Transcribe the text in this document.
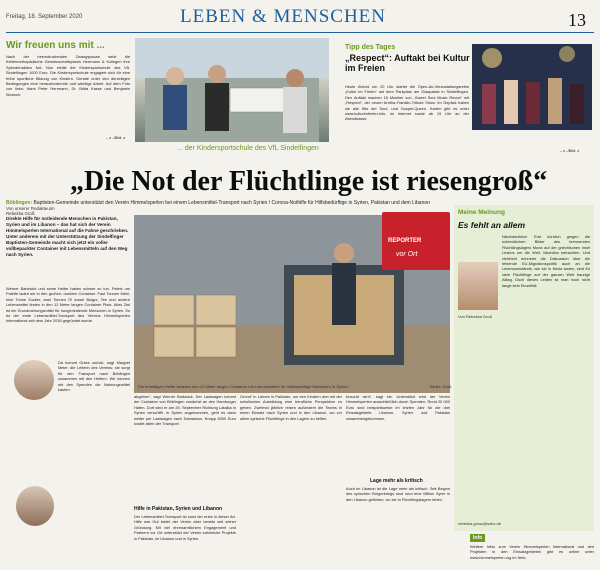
Freitag, 18. September 2020	LEBEN & MENSCHEN	13
Wir freuen uns mit ...
Nach der beeindruckenden Zwangspause setzt die Kiefernorthopädische Gemeinschaftspraxis Herrmann & Kollegen ihre Spendenaktion fort. Nun erhält der Kindersportschule des VfL Sindelfingen 1000 Euro. Die Kindersportschule engagiert sich für eine frühe sportliche Bildung von Kindern. Gerade unter den derzeitigen Bedingungen eine herausfordernde und wichtige Arbeit. Auf dem Foto von links: Hans Peter Herrmann, Dr. Britta Kasse und Benjamin Wunsch.
– z -/Bild: z
... der Kindersportschule des VfL Sindelfingen
Tipp des Tages
„Respect“: Auftakt bei Kultur im Freien
Heute Abend um 20 Uhr startet die Open-Air-Veranstaltungsreihe „Kultur im Freien“ auf dem Parkplatz am Glaspalast in Sindelfingen. Den Auftakt machen 15 Musiker von „Sweet Soul Music Revue“ mit „Respect“, der neuen Aretha-Franklin-Tribute Show. Im Gepäck haben sie alle Hits der Soul- und Gospel-Queen. Karten gibt es unter www.kulturimfreien.info. im Internet sowie ab 19 Uhr an der Abendkasse.
– z -/Bild: z
„Die Not der Flüchtlinge ist riesengroß“
Böblingen: Baptisten-Gemeinde unterstützt den Verein Himmelsperlen bei einem Lebensmittel-Transport nach Syrien / Corona-Nothilfe für Hilfsbedürftige in Syrien, Pakistan und dem Libanon
Von unserer Redakteurin Rebekka Groß
Direkte Hilfe für notleidende Menschen in Pakistan, Syrien und im Libanon – das hat sich der Verein Himmelsperlen International auf die Fahne geschrieben. Unter anderem mit der Unterstützung der Sindelfinger Baptisten-Gemeinde macht sich jetzt ein voller vollbepackter Container mit Lebensmitteln auf den Weg nach Syrien.
Werner Bartzsick und seine Helfer haben schwer zu tun. Paletz um Palette laden sie in den großen, dunklen Container. Fast Tonnen Mehl, eine Tonne Zucker, zwei Tonnen Öl sowie Bulgur, Tee und andere Lebensmittel finden in den 12 Meter langen Container Platz. Alles Ziel ist ein Grundnahrungsmittel für hungerleidende Menschen in Syrien. Es ist der erste Lebensmittel-Transport des Vereins Himmelsperlen International seit dem Jahr 2018 gegründet wurde.
Da kommt Gutes zurück, sagt Margret Meier, die Leiterin des Vereins; sie sorgt für den Transport nach Böblingen zusammen mit den Helfern. Wir können mit den Spenden die Nahrungsmittel kaufen.
REPORTER
vor Ort
Die freiwilligen Helfer beladen den 12 Meter langen Container mit Lebensmitteln für hilfsbedürftige Menschen in Syrien.	Bilder: Groß
abgeben“, sagt Werner Bartzsick. Der Lastwagen kommt der Container von Böblingen zunächst an den Hamburger Hafen. Dort wird er am 25. September Richtung Lataika in Syrien verschifft. In Syrien angekommen, geht es dann weiter per Lastwagen nach Damaskus. Knapp 6000 Euro kostet allein der Transport.
Hilfe in Pakistan, Syrien und Libanon
Der Lebensmittel-Transport ist zwar der erste in dieser Art. Hilfe war Gut bietet der Verein aber bereits seit seiner Gründung. Mit viel ehrenamtlichem Engagement und Partnern vor Ort unterstützt der Verein zahlreiche Projekte in Pakistan, im Libanon und in Syrien.
Grund“ in Lahore in Pakistan, um den Kindern dort mit der schulischen Ausbildung eine berufliche Perspektive zu geben. Zweimal jährlich reisen außerdem die Teams in einen Einsatz nach Syrien und in den Libanon, wo vor allem syrische Flüchtlinge in den Lagern zu helfen.
braucht wird“, sagt sie. Unterstützt wird der Verein Himmelsperlen ausschließlich durch Spenden. Rund 20 000 Euro sind beispielsweise im letzten Jahr für die drei Einsatzgebiete Libanon, Syrien und Pakistan zusammengekommen.
Lage mehr als kritisch
Auch im Libanon ist die Lage mehr als kritisch. Seit Beginn des syrischen Bürgerkriegs sind rund eine Million Syrer in den Libanon geflohen, wo sie in Flüchtlingslagern leben.
Meine Meinung
Es fehlt an allem
Von Rebekka Groß
Nächstenliebe: Erst kürzlich gingen die schrecklichen Bilder des brennenden Flüchtlingslagers Moria auf der griechischen Insel Lesbos um die Welt. Machtlos betrachten. Und vielleicht erinnerte die Diskussion über die fehlende EU-Migrationspolitik auch an die Lebensumstände, wie sie in Moria waren, sind für viele Flüchtlinge auf der ganzen Welt traurige Alltag. Doch dieses Leiden ist man noch nicht lange kein Einzelfall.
rebekka.gross@szbz.de
Info
Weitere Infos zum Verein Himmelsperlen International und den Projekten in den Einsatzgebieten gibt es online unter www.himmelsperlen.org im Netz.
